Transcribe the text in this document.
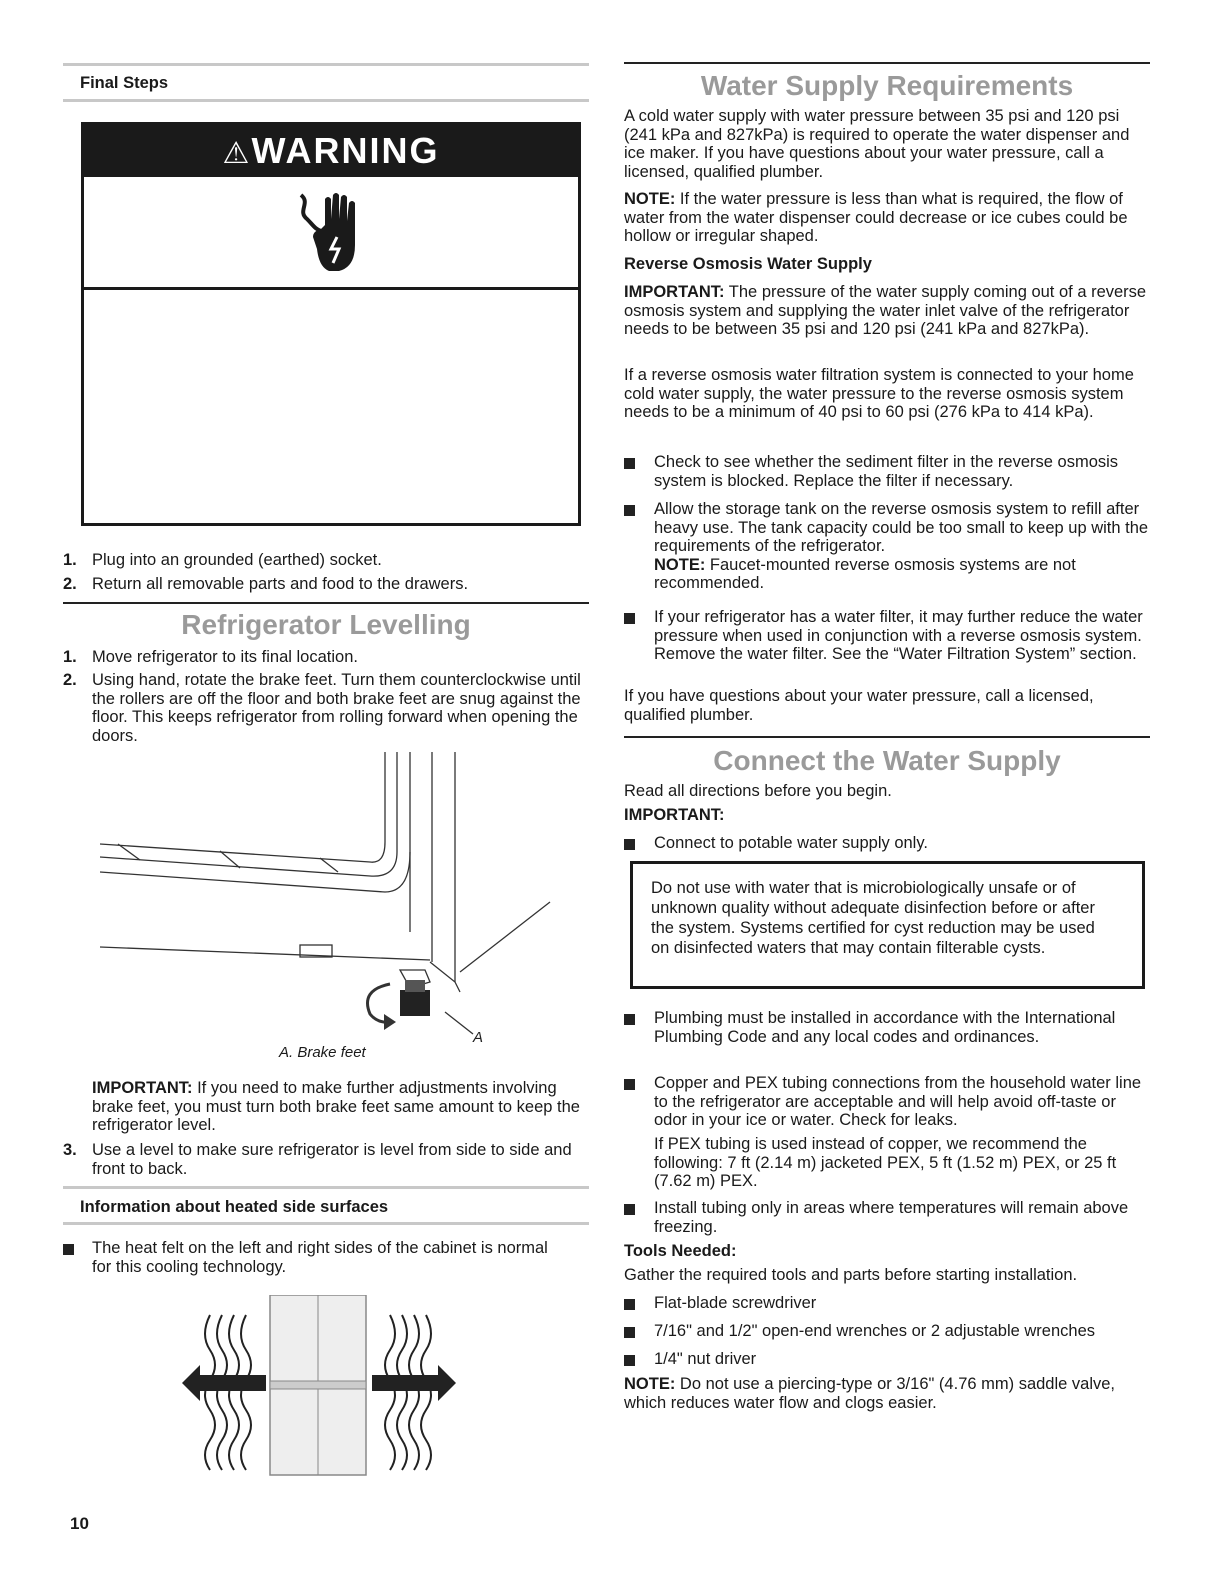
Final Steps
⚠WARNING
1. Plug into an grounded (earthed) socket.
2. Return all removable parts and food to the drawers.
Refrigerator Levelling
1. Move refrigerator to its final location.
2. Using hand, rotate the brake feet. Turn them counterclockwise until the rollers are off the floor and both brake feet are snug against the floor. This keeps refrigerator from rolling forward when opening the doors.
A
A. Brake feet
IMPORTANT: If you need to make further adjustments involving brake feet, you must turn both brake feet same amount to keep the refrigerator level.
3. Use a level to make sure refrigerator is level from side to side and front to back.
Information about heated side surfaces
The heat felt on the left and right sides of the cabinet is normal for this cooling technology.
10
Water Supply Requirements
A cold water supply with water pressure between 35 psi and 120 psi (241 kPa and 827kPa) is required to operate the water dispenser and ice maker. If you have questions about your water pressure, call a licensed, qualified plumber.
NOTE: If the water pressure is less than what is required, the flow of water from the water dispenser could decrease or ice cubes could be hollow or irregular shaped.
Reverse Osmosis Water Supply
IMPORTANT: The pressure of the water supply coming out of a reverse osmosis system and supplying the water inlet valve of the refrigerator needs to be between 35 psi and 120 psi (241 kPa and 827kPa).
If a reverse osmosis water filtration system is connected to your home cold water supply, the water pressure to the reverse osmosis system needs to be a minimum of 40 psi to 60 psi (276 kPa to 414 kPa).
Check to see whether the sediment filter in the reverse osmosis system is blocked. Replace the filter if necessary.
Allow the storage tank on the reverse osmosis system to refill after heavy use. The tank capacity could be too small to keep up with the requirements of the refrigerator.
NOTE: Faucet-mounted reverse osmosis systems are not recommended.
If your refrigerator has a water filter, it may further reduce the water pressure when used in conjunction with a reverse osmosis system. Remove the water filter. See the “Water Filtration System” section.
If you have questions about your water pressure, call a licensed, qualified plumber.
Connect the Water Supply
Read all directions before you begin.
IMPORTANT:
Connect to potable water supply only.
Do not use with water that is microbiologically unsafe or of unknown quality without adequate disinfection before or after the system. Systems certified for cyst reduction may be used on disinfected waters that may contain filterable cysts.
Plumbing must be installed in accordance with the International Plumbing Code and any local codes and ordinances.
Copper and PEX tubing connections from the household water line to the refrigerator are acceptable and will help avoid off-taste or odor in your ice or water. Check for leaks.
If PEX tubing is used instead of copper, we recommend the following: 7 ft (2.14 m) jacketed PEX, 5 ft (1.52 m) PEX, or 25 ft (7.62 m) PEX.
Install tubing only in areas where temperatures will remain above freezing.
Tools Needed:
Gather the required tools and parts before starting installation.
Flat-blade screwdriver
7/16" and 1/2" open-end wrenches or 2 adjustable wrenches
1/4" nut driver
NOTE: Do not use a piercing-type or 3/16" (4.76 mm) saddle valve, which reduces water flow and clogs easier.
